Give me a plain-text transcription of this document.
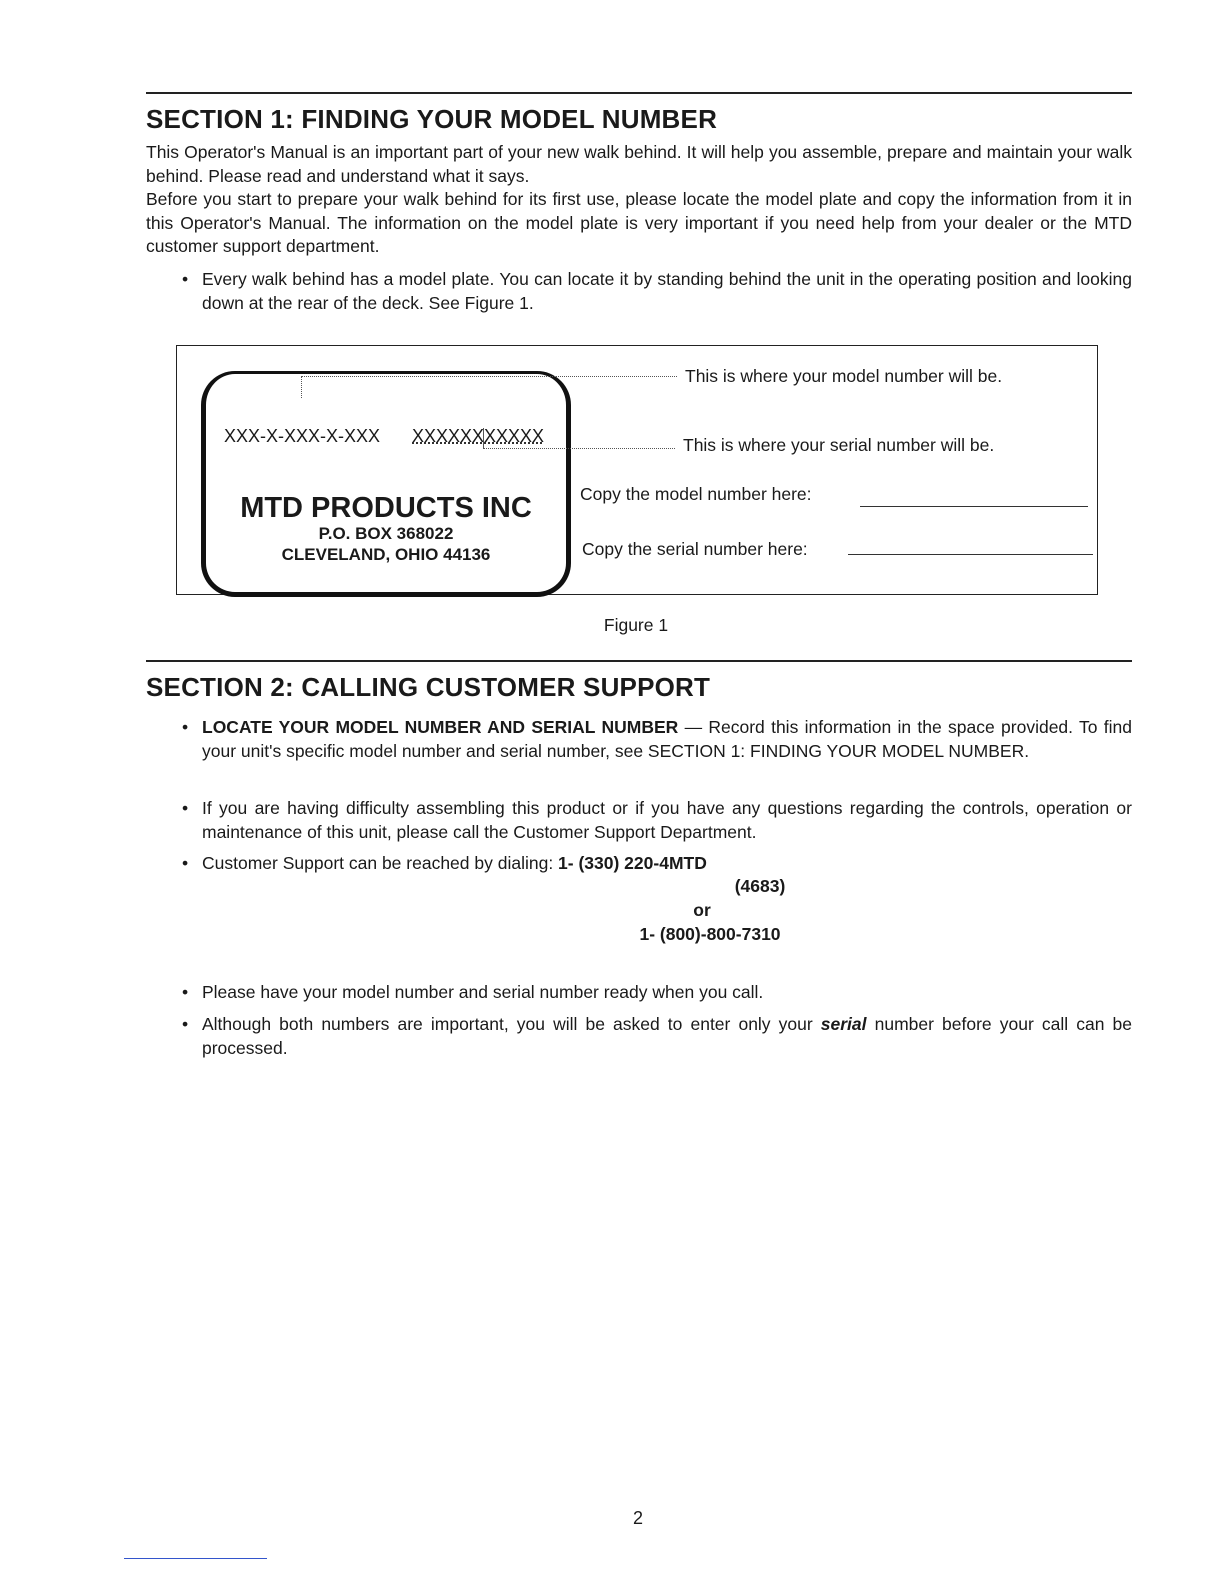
SECTION 1: FINDING YOUR MODEL NUMBER

This Operator's Manual is an important part of your new walk behind. It will help you assemble, prepare and maintain your walk behind. Please read and understand what it says.

Before you start to prepare your walk behind for its first use, please locate the model plate and copy the information from it in this Operator's Manual. The information on the model plate is very important if you need help from your dealer or the MTD customer support department.

• Every walk behind has a model plate. You can locate it by standing behind the unit in the operating position and looking down at the rear of the deck. See Figure 1.
XXX-X-XXX-X-XXX XXXXXXXXXXX
MTD PRODUCTS INC
P.O. BOX 368022
CLEVELAND, OHIO 44136
This is where your model number will be.
This is where your serial number will be.
Copy the model number here:
Copy the serial number here:
Figure 1
SECTION 2: CALLING CUSTOMER SUPPORT
• LOCATE YOUR MODEL NUMBER AND SERIAL NUMBER — Record this information in the space provided. To find your unit's specific model number and serial number, see SECTION 1: FINDING YOUR MODEL NUMBER.
• If you are having difficulty assembling this product or if you have any questions regarding the controls, operation or maintenance of this unit, please call the Customer Support Department.
• Customer Support can be reached by dialing: 1- (330) 220-4MTD
(4683)
or
1- (800)-800-7310
• Please have your model number and serial number ready when you call.
• Although both numbers are important, you will be asked to enter only your serial number before your call can be processed.
2
